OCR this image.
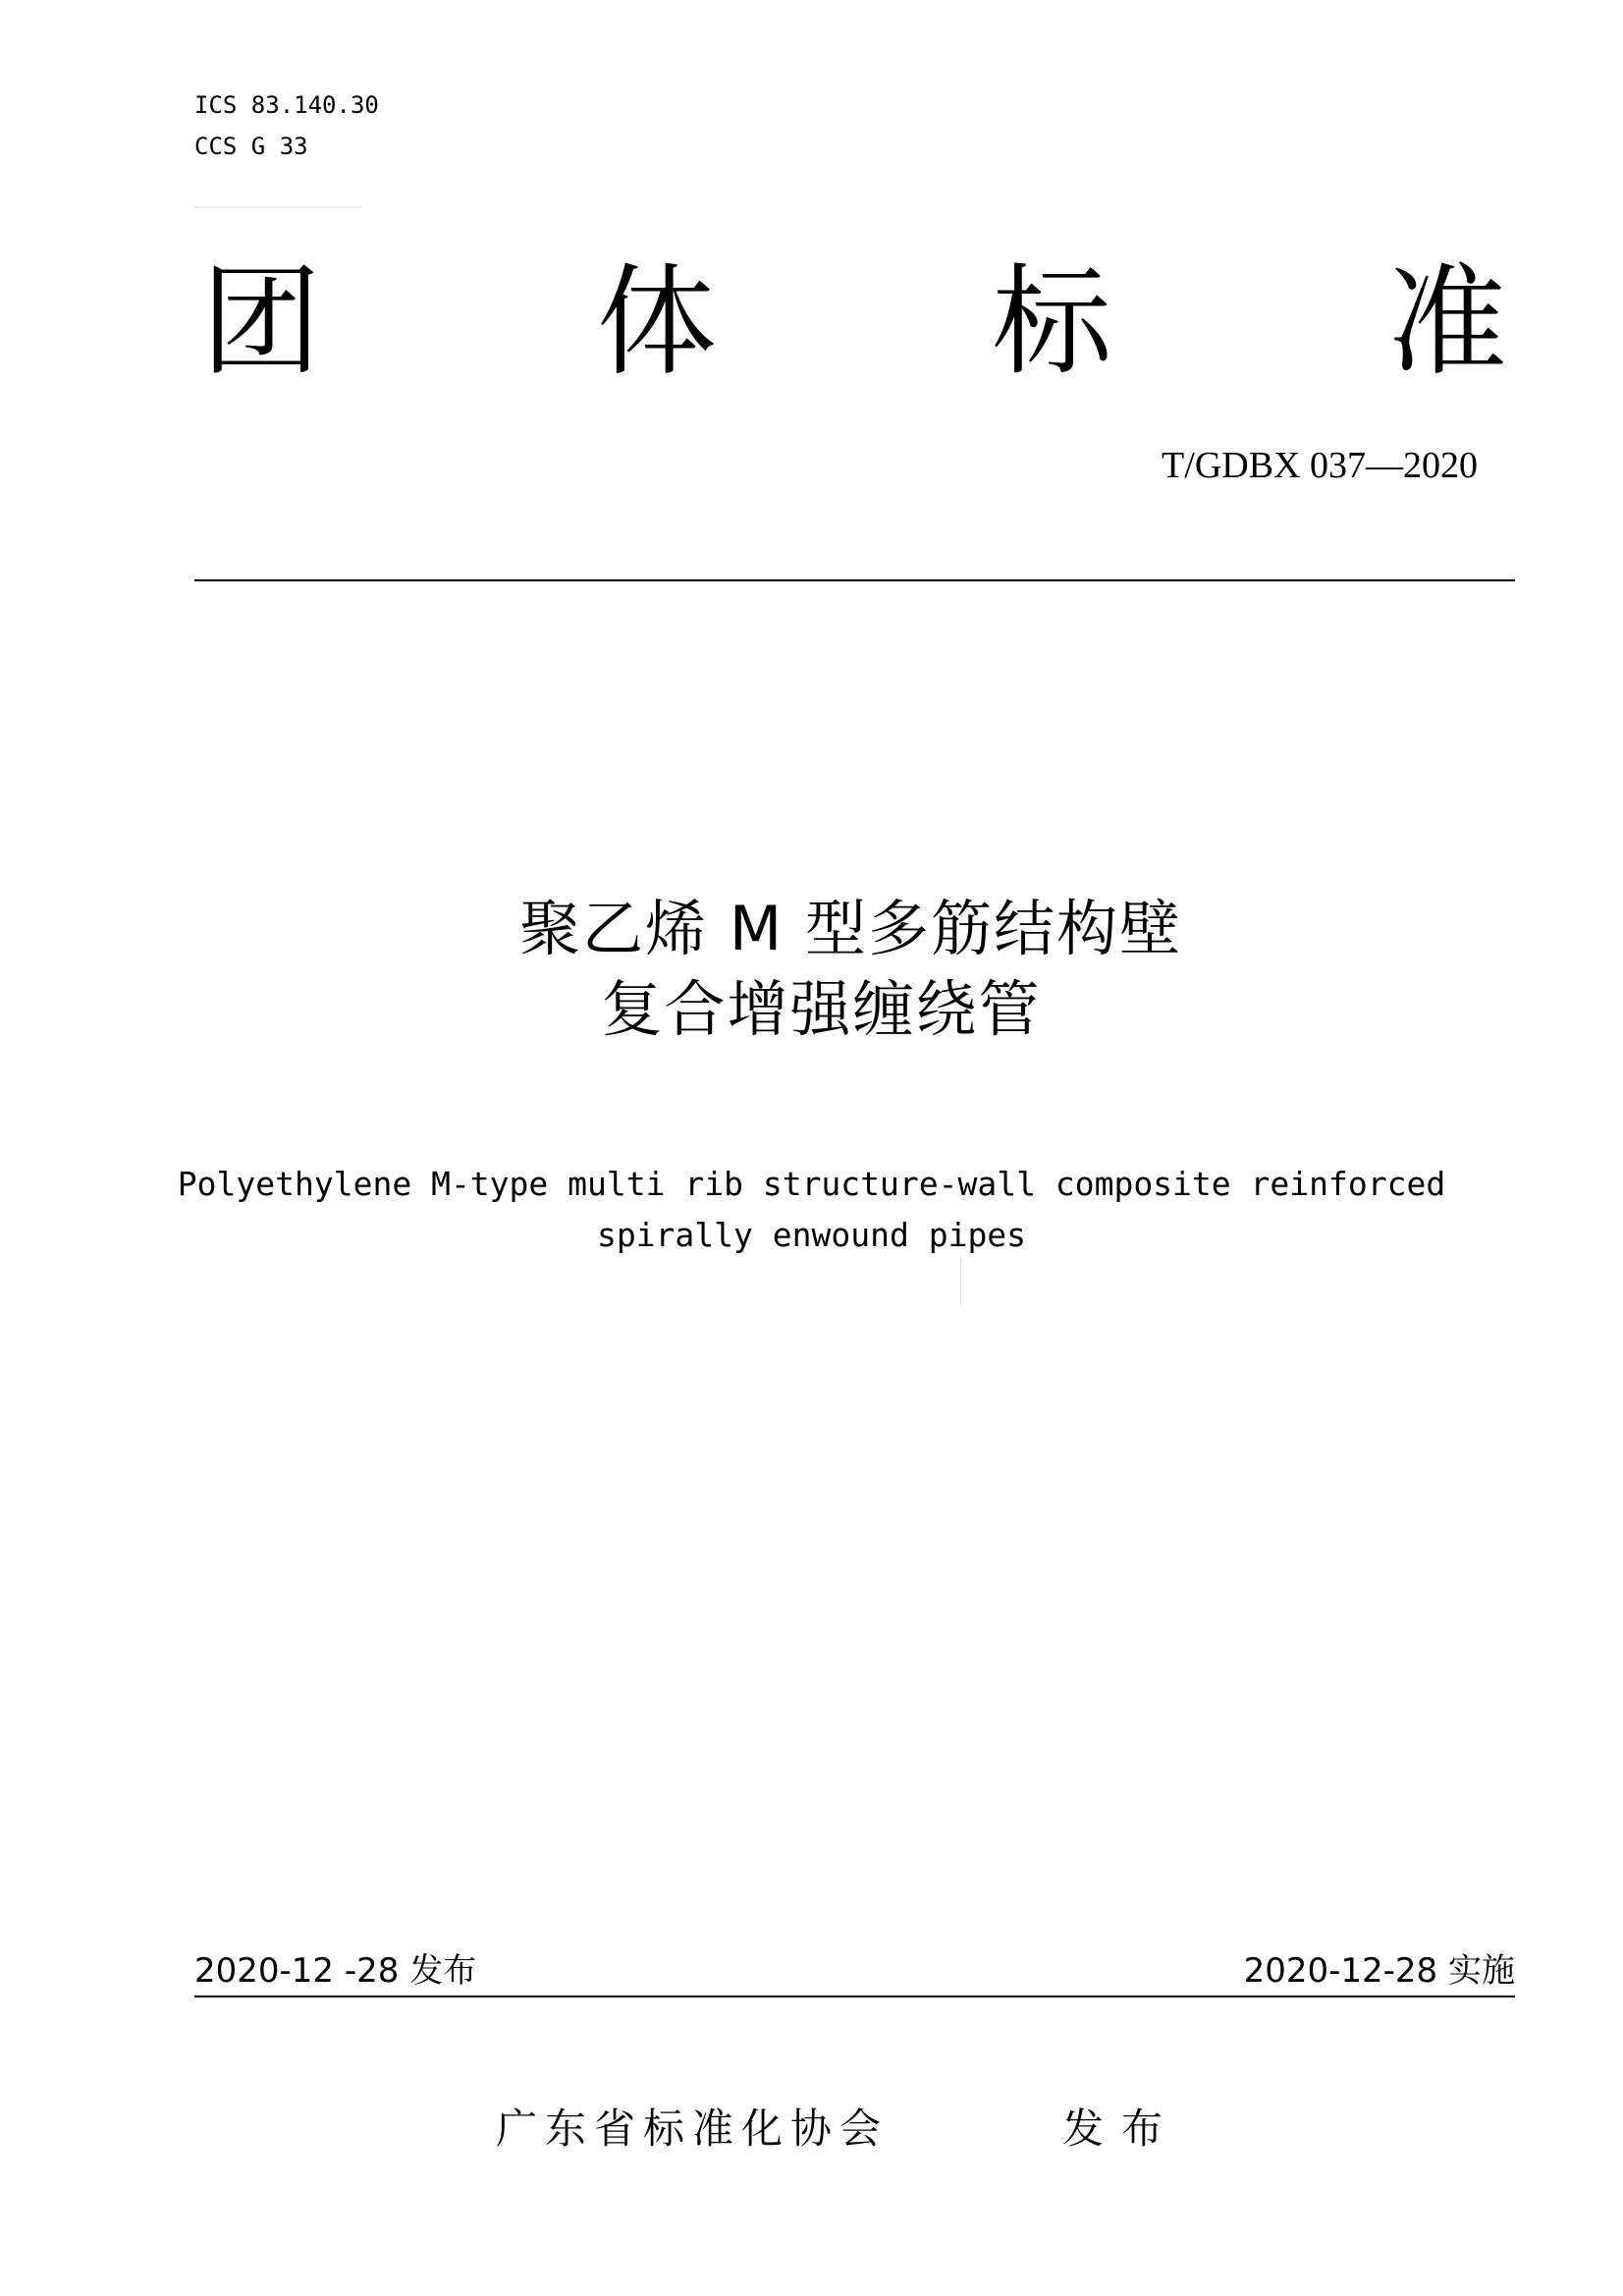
ICS 83.140.30
CCS G 33
团 体 标 准
T/GDBX 037—2020
聚乙烯 M 型多筋结构壁
复合增强缠绕管
Polyethylene M-type multi rib structure-wall composite reinforced
spirally enwound pipes
2020-12 -28 发布	2020-12-28 实施
广东省标准化协会	发布
